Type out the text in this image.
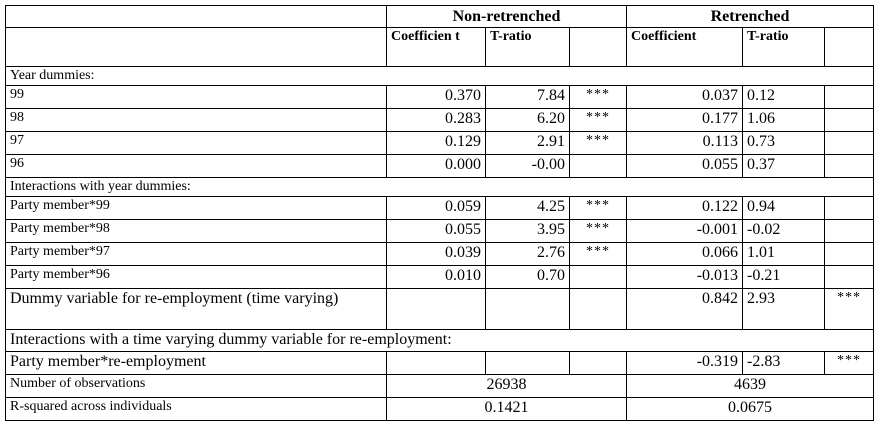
	Non-retrenched			Retrenched		
	Coefficien t	T-ratio		Coefficient	T-ratio	
Year dummies:						
99	0.370	7.84	***	0.037	0.12	
98	0.283	6.20	***	0.177	1.06	
97	0.129	2.91	***	0.113	0.73	
96	0.000	-0.00		0.055	0.37	
Interactions with year dummies:						
Party member*99	0.059	4.25	***	0.122	0.94	
Party member*98	0.055	3.95	***	-0.001	-0.02	
Party member*97	0.039	2.76	***	0.066	1.01	
Party member*96	0.010	0.70		-0.013	-0.21	
Dummy variable for re-employment (time varying)				0.842	2.93	***
Interactions with a time varying dummy variable for re-employment:						
Party member*re-employment				-0.319	-2.83	***
Number of observations	26938			4639		
R-squared across individuals	0.1421			0.0675		
